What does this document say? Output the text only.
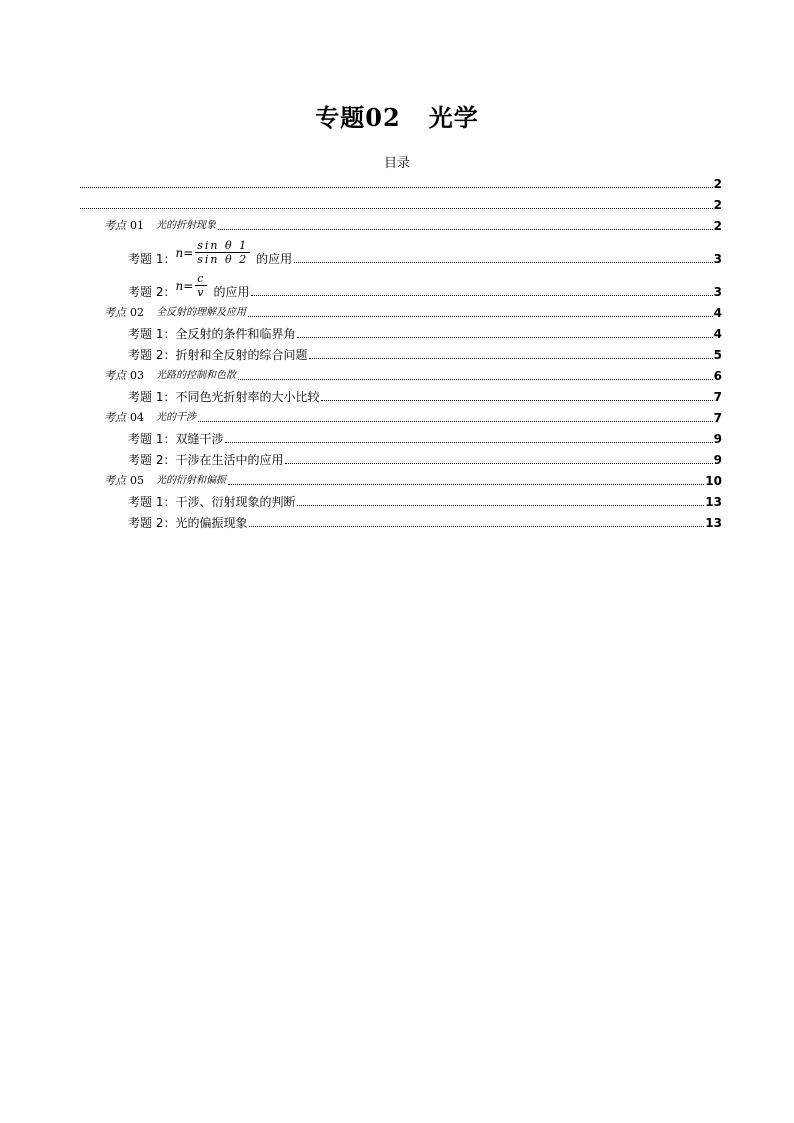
专题02 光学
目录
2
2
考点 01 光的折射现象	2
考题 1： $n = \frac{\text{sin θ 1}}{\text{sin θ 2}}$ 的应用	3
考题 2： $n = \frac{c}{v}$ 的应用	3
考点 02 全反射的理解及应用	4
考题 1： 全反射的条件和临界角	4
考题 2： 折射和全反射的综合问题	5
考点 03 光路的控制和色散	6
考题 1： 不同色光折射率的大小比较	7
考点 04 光的干涉	7
考题 1： 双缝干涉	9
考题 2： 干涉在生活中的应用	9
考点 05 光的衍射和偏振	10
考题 1： 干涉、衍射现象的判断	13
考题 2： 光的偏振现象	13
